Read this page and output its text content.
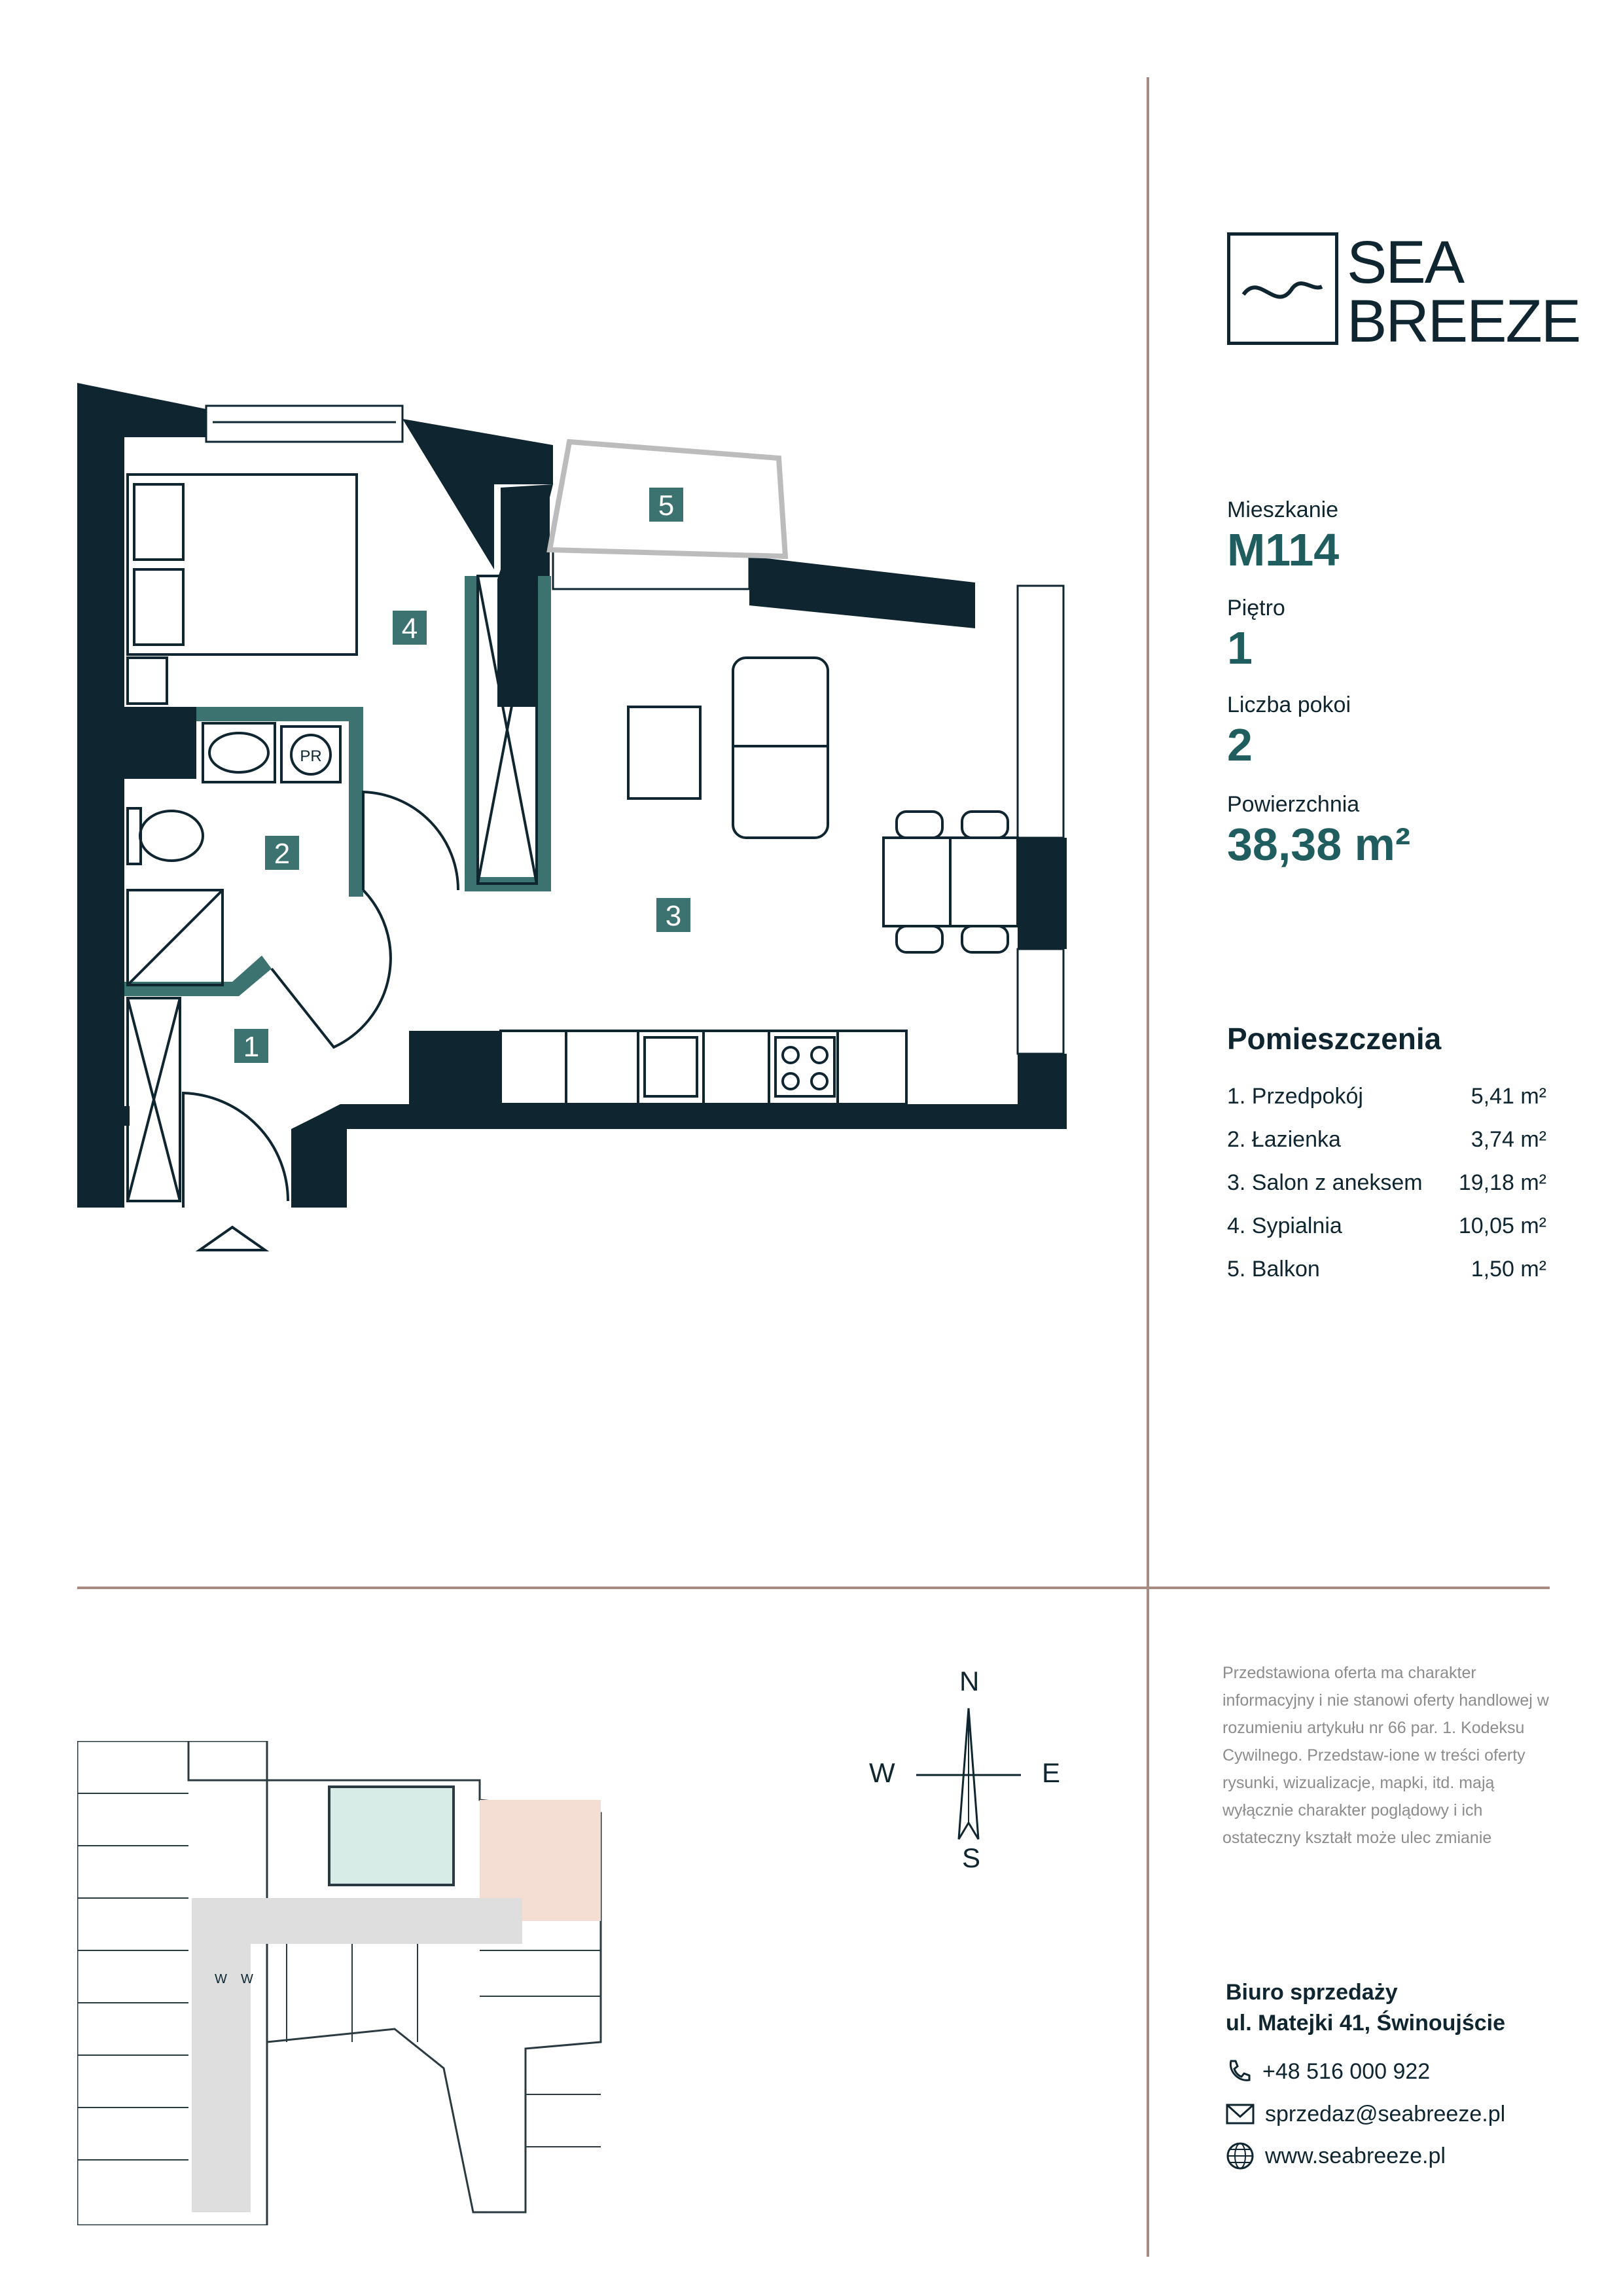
SEA
BREEZE
Mieszkanie
M114
Piętro
1
Liczba pokoi
2
Powierzchnia
38,38 m²
Pomieszczenia
1. Przedpokój	5,41 m²
2. Łazienka	3,74 m²
3. Salon z aneksem 19,18 m²
4. Sypialnia	10,05 m²
5. Balkon	1,50 m²
1
2
3
4
5
PR
N
E
S
W
W W
Przedstawiona oferta ma charakter informacyjny i nie stanowi oferty handlowej w rozumieniu artykułu nr 66 par. 1. Kodeksu Cywilnego. Przedstaw-ione w treści oferty rysunki, wizualizacje, mapki, itd. mają wyłącznie charakter poglądowy i ich ostateczny kształt może ulec zmianie
Biuro sprzedaży
ul. Matejki 41, Świnoujście
+48 516 000 922
sprzedaz@seabreeze.pl
www.seabreeze.pl
